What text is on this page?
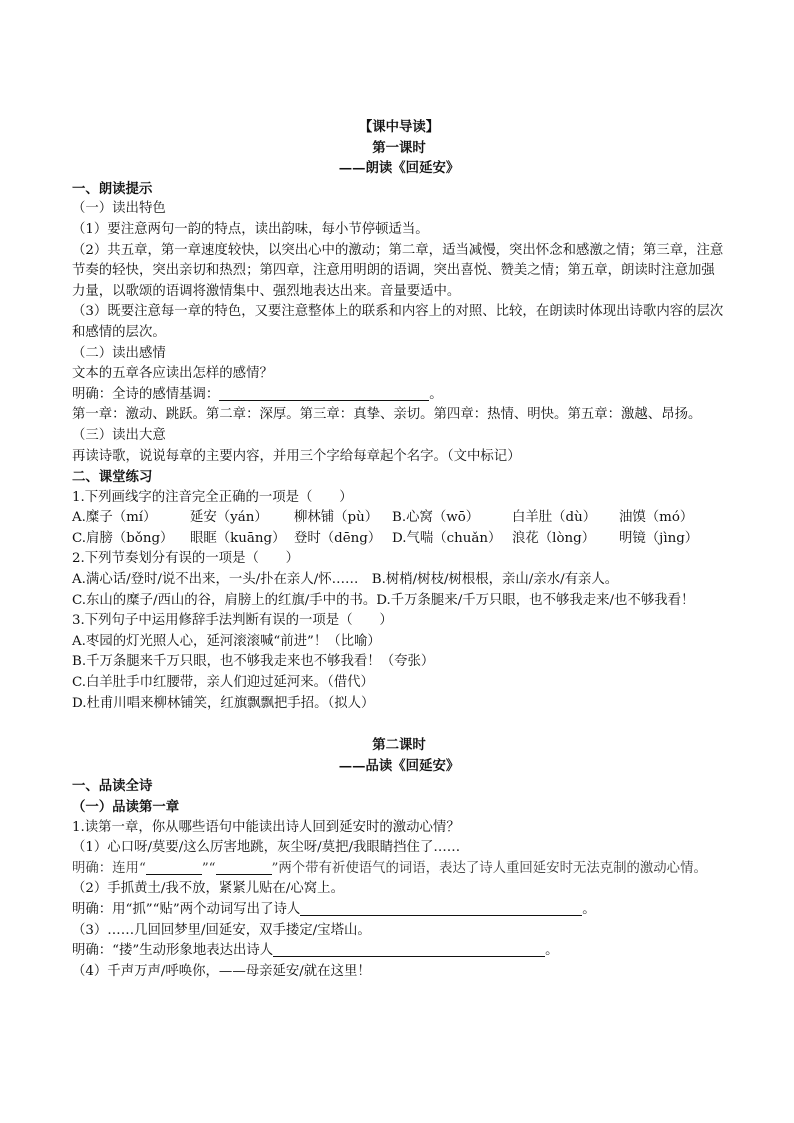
【课中导读】

第一课时

——朗读《回延安》

一、朗读提示

（一）读出特色

（1）要注意两句一韵的特点，读出韵味，每小节停顿适当。

（2）共五章，第一章速度较快，以突出心中的激动；第二章，适当减慢，突出怀念和感激之情；第三章，注意节奏的轻快，突出亲切和热烈；第四章，注意用明朗的语调，突出喜悦、赞美之情；第五章，朗读时注意加强力量，以歌颂的语调将激情集中、强烈地表达出来。音量要适中。

（3）既要注意每一章的特色，又要注意整体上的联系和内容上的对照、比较，在朗读时体现出诗歌内容的层次和感情的层次。

（二）读出感情

文本的五章各应读出怎样的感情？

明确：全诗的感情基调：	。

第一章：激动、跳跃。第二章：深厚。第三章：真挚、亲切。第四章：热情、明快。第五章：激越、昂扬。

（三）读出大意

再读诗歌，说说每章的主要内容，并用三个字给每章起个名字。（文中标记）

二、课堂练习

1.下列画线字的注音完全正确的一项是（　　）

A.糜子（mí）	延安（yán）	柳林铺（pù）	B.心窝（wō）	白羊肚（dù）	油馍（mó）
C.肩膀（bǒng）	眼眶（kuāng） 登时（dēng） D.气喘（chuǎn） 浪花（lòng）	明镜（jìng）

2.下列节奏划分有误的一项是（　　）

A.满心话/登时/说不出来，一头/扑在亲人/怀……　B.树梢/树枝/树根根，亲山/亲水/有亲人。

C.东山的糜子/西山的谷，肩膀上的红旗/手中的书。D.千万条腿来/千万只眼，也不够我走来/也不够我看！

3.下列句子中运用修辞手法判断有误的一项是（　　）

A.枣园的灯光照人心，延河滚滚喊“前进”！（比喻）

B.千万条腿来千万只眼，也不够我走来也不够我看！（夸张）

C.白羊肚手巾红腰带，亲人们迎过延河来。（借代）

D.杜甫川唱来柳林铺笑，红旗飘飘把手招。（拟人）

第二课时

——品读《回延安》

一、品读全诗

（一）品读第一章

1.读第一章，你从哪些语句中能读出诗人回到延安时的激动心情？

（1）心口呀/莫要/这么厉害地跳，灰尘呀/莫把/我眼睛挡住了……

明确：连用“	”“	”两个带有祈使语气的词语，表达了诗人重回延安时无法克制的激动心情。

（2）手抓黄土/我不放，紧紧儿贴在/心窝上。

明确：用“抓”“贴”两个动词写出了诗人	。

（3）……几回回梦里/回延安，双手搂定/宝塔山。

明确：“搂”生动形象地表达出诗人	。

（4）千声万声/呼唤你，——母亲延安/就在这里！
